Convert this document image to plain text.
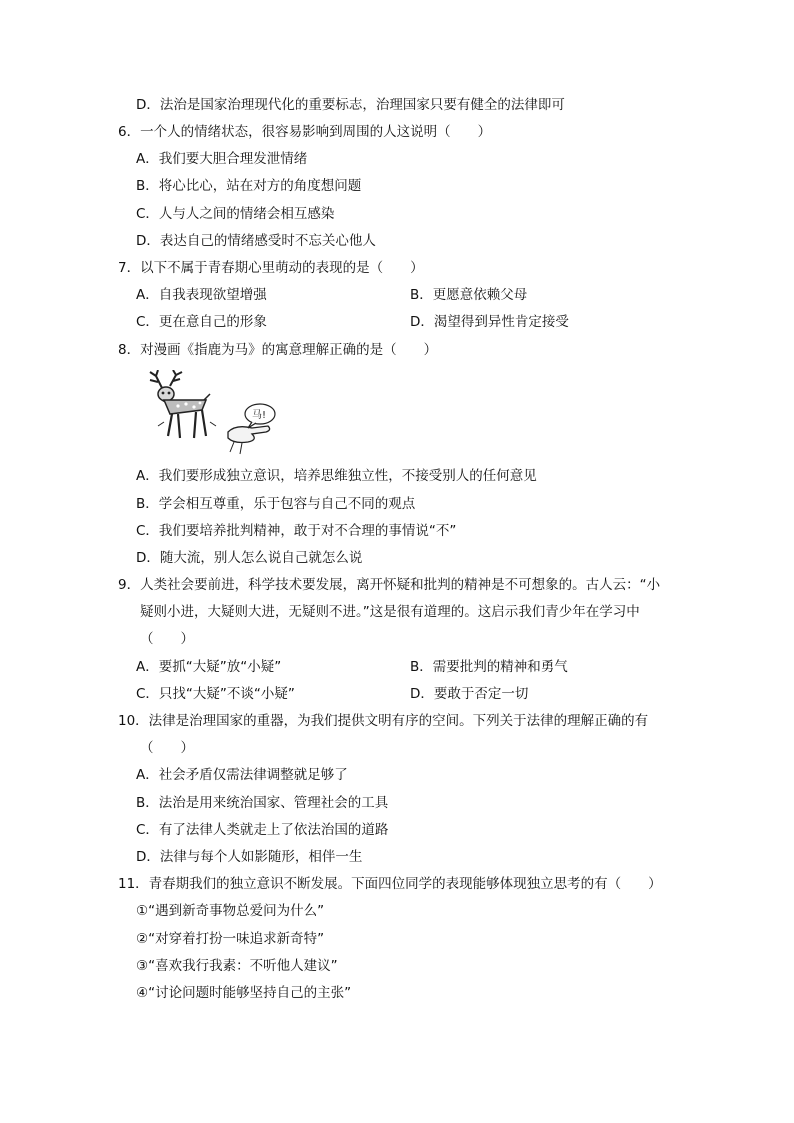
D．法治是国家治理现代化的重要标志，治理国家只要有健全的法律即可
6．一个人的情绪状态，很容易影响到周围的人这说明（　　）
A．我们要大胆合理发泄情绪
B．将心比心，站在对方的角度想问题
C．人与人之间的情绪会相互感染
D．表达自己的情绪感受时不忘关心他人
7．以下不属于青春期心里萌动的表现的是（　　）
A．自我表现欲望增强	B．更愿意依赖父母
C．更在意自己的形象	D．渴望得到异性肯定接受
8．对漫画《指鹿为马》的寓意理解正确的是（　　）
马!
A．我们要形成独立意识，培养思维独立性，不接受别人的任何意见
B．学会相互尊重，乐于包容与自己不同的观点
C．我们要培养批判精神，敢于对不合理的事情说“不”
D．随大流，别人怎么说自己就怎么说
9．人类社会要前进，科学技术要发展，离开怀疑和批判的精神是不可想象的。古人云：“小
疑则小进，大疑则大进，无疑则不进。”这是很有道理的。这启示我们青少年在学习中
（　　）
A．要抓“大疑”放“小疑”	B．需要批判的精神和勇气
C．只找“大疑”不谈“小疑”	D．要敢于否定一切
10．法律是治理国家的重器，为我们提供文明有序的空间。下列关于法律的理解正确的有
（　　）
A．社会矛盾仅需法律调整就足够了
B．法治是用来统治国家、管理社会的工具
C．有了法律人类就走上了依法治国的道路
D．法律与每个人如影随形，相伴一生
11．青春期我们的独立意识不断发展。下面四位同学的表现能够体现独立思考的有（　　）
①“遇到新奇事物总爱问为什么”
②“对穿着打扮一味追求新奇特”
③“喜欢我行我素：不听他人建议”
④“讨论问题时能够坚持自己的主张”
